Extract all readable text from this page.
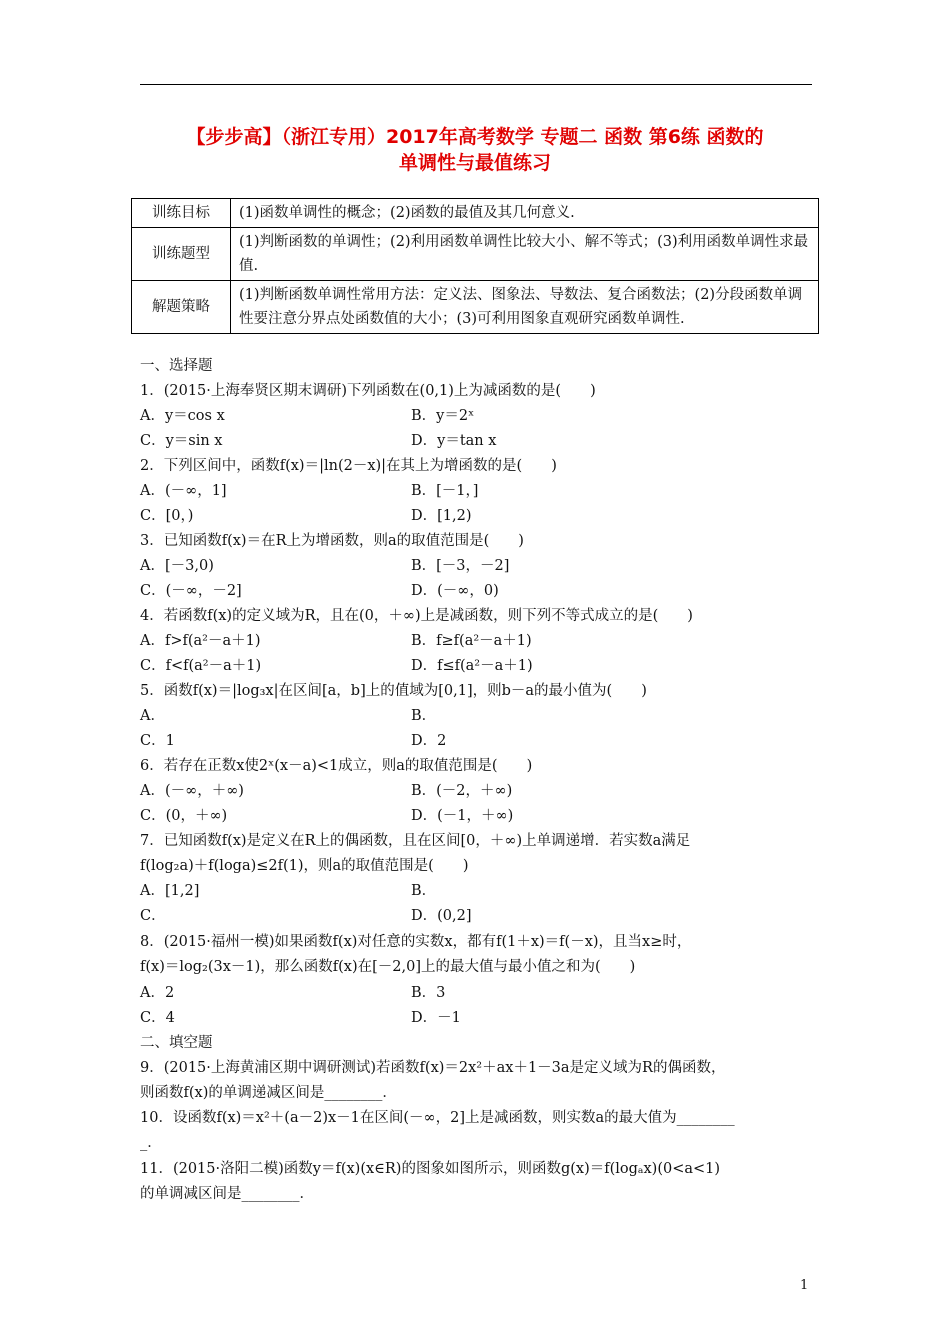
【步步高】（浙江专用）2017年高考数学 专题二 函数 第6练 函数的
单调性与最值练习
训练目标	(1)函数单调性的概念；(2)函数的最值及其几何意义.
训练题型	(1)判断函数的单调性；(2)利用函数单调性比较大小、解不等式；(3)利用函数单调性求最值.
解题策略	(1)判断函数单调性常用方法：定义法、图象法、导数法、复合函数法；(2)分段函数单调性要注意分界点处函数值的大小；(3)可利用图象直观研究函数单调性.
一、选择题
1．(2015·上海奉贤区期末调研)下列函数在(0,1)上为减函数的是(　　)
A．y＝cos x	B．y＝2ˣ
C．y＝sin x	D．y＝tan x
2．下列区间中，函数f(x)＝|ln(2－x)|在其上为增函数的是(　　)
A．(－∞，1]	B．[－1，]
C．[0，)	D．[1,2)
3．已知函数f(x)＝在R上为增函数，则a的取值范围是(　　)
A．[－3,0)	B．[－3，－2]
C．(－∞，－2]	D．(－∞，0)
4．若函数f(x)的定义域为R，且在(0，＋∞)上是减函数，则下列不等式成立的是(　　)
A．f>f(a²－a＋1)	B．f≥f(a²－a＋1)
C．f<f(a²－a＋1)	D．f≤f(a²－a＋1)
5．函数f(x)＝|log₃x|在区间[a，b]上的值域为[0,1]，则b－a的最小值为(　　)
A．	B．
C．1	D．2
6．若存在正数x使2ˣ(x－a)<1成立，则a的取值范围是(　　)
A．(－∞，＋∞)	B．(－2，＋∞)
C．(0，＋∞)	D．(－1，＋∞)
7．已知函数f(x)是定义在R上的偶函数，且在区间[0，＋∞)上单调递增．若实数a满足
f(log₂a)＋f(loga)≤2f(1)，则a的取值范围是(　　)
A．[1,2]	B．
C．	D．(0,2]
8．(2015·福州一模)如果函数f(x)对任意的实数x，都有f(1＋x)＝f(－x)，且当x≥时，
f(x)＝log₂(3x－1)，那么函数f(x)在[－2,0]上的最大值与最小值之和为(　　)
A．2	B．3
C．4	D．－1
二、填空题
9．(2015·上海黄浦区期中调研测试)若函数f(x)＝2x²＋ax＋1－3a是定义域为R的偶函数，
则函数f(x)的单调递减区间是________．
10．设函数f(x)＝x²＋(a－2)x－1在区间(－∞，2]上是减函数，则实数a的最大值为________
_．
11．(2015·洛阳二模)函数y＝f(x)(x∈R)的图象如图所示，则函数g(x)＝f(logₐx)(0<a<1)
的单调减区间是________．
1
